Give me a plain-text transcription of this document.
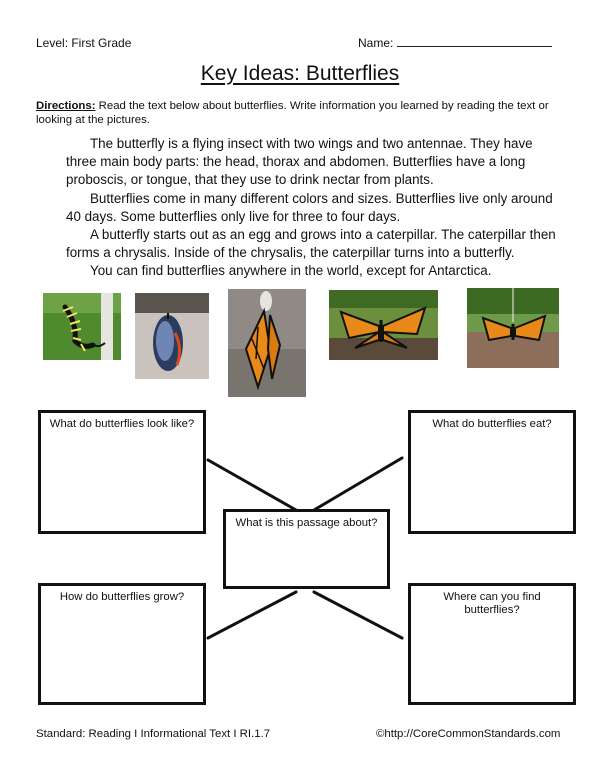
Level: First Grade	Name:
Key Ideas: Butterflies
Directions: Read the text below about butterflies. Write information you learned by reading the text or looking at the pictures.

The butterfly is a flying insect with two wings and two antennae. They have three main body parts: the head, thorax and abdomen. Butterflies have a long proboscis, or tongue, that they use to drink nectar from plants.

Butterflies come in many different colors and sizes. Butterflies live only around 40 days. Some butterflies only live for three to four days.

A butterfly starts out as an egg and grows into a caterpillar. The caterpillar then forms a chrysalis. Inside of the chrysalis, the caterpillar turns into a butterfly.

You can find butterflies anywhere in the world, except for Antarctica.

What do butterflies look like?	What do butterflies eat?
What is this passage about?
How do butterflies grow?	Where can you find butterflies?
Standard: Reading I Informational Text I RI.1.7	©http://CoreCommonStandards.com
